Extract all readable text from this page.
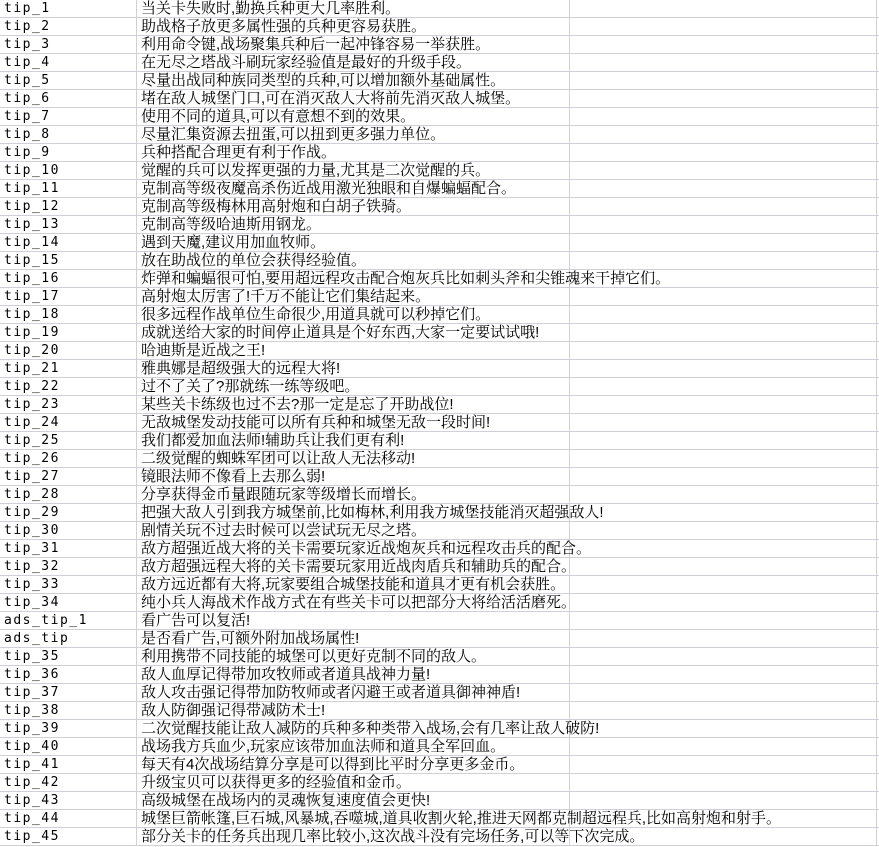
tip_1	当关卡失败时,勤换兵种更大几率胜利。
tip_2	助战格子放更多属性强的兵种更容易获胜。
tip_3	利用命令键,战场聚集兵种后一起冲锋容易一举获胜。
tip_4	在无尽之塔战斗刷玩家经验值是最好的升级手段。
tip_5	尽量出战同种族同类型的兵种,可以增加额外基础属性。
tip_6	堵在敌人城堡门口,可在消灭敌人大将前先消灭敌人城堡。
tip_7	使用不同的道具,可以有意想不到的效果。
tip_8	尽量汇集资源去扭蛋,可以扭到更多强力单位。
tip_9	兵种搭配合理更有利于作战。
tip_10	觉醒的兵可以发挥更强的力量,尤其是二次觉醒的兵。
tip_11	克制高等级夜魔高杀伤近战用激光独眼和自爆蝙蝠配合。
tip_12	克制高等级梅林用高射炮和白胡子铁骑。
tip_13	克制高等级哈迪斯用钢龙。
tip_14	遇到天魔,建议用加血牧师。
tip_15	放在助战位的单位会获得经验值。
tip_16	炸弹和蝙蝠很可怕,要用超远程攻击配合炮灰兵比如刺头斧和尖锥魂来干掉它们。
tip_17	高射炮太厉害了!千万不能让它们集结起来。
tip_18	很多远程作战单位生命很少,用道具就可以秒掉它们。
tip_19	成就送给大家的时间停止道具是个好东西,大家一定要试试哦!
tip_20	哈迪斯是近战之王!
tip_21	雅典娜是超级强大的远程大将!
tip_22	过不了关了?那就练一练等级吧。
tip_23	某些关卡练级也过不去?那一定是忘了开助战位!
tip_24	无敌城堡发动技能可以所有兵种和城堡无敌一段时间!
tip_25	我们都爱加血法师!辅助兵让我们更有利!
tip_26	二级觉醒的蜘蛛军团可以让敌人无法移动!
tip_27	镜眼法师不像看上去那么弱!
tip_28	分享获得金币量跟随玩家等级增长而增长。
tip_29	把强大敌人引到我方城堡前,比如梅林,利用我方城堡技能消灭超强敌人!
tip_30	剧情关玩不过去时候可以尝试玩无尽之塔。
tip_31	敌方超强近战大将的关卡需要玩家近战炮灰兵和远程攻击兵的配合。
tip_32	敌方超强远程大将的关卡需要玩家用近战肉盾兵和辅助兵的配合。
tip_33	敌方远近都有大将,玩家要组合城堡技能和道具才更有机会获胜。
tip_34	纯小兵人海战术作战方式在有些关卡可以把部分大将给活活磨死。
ads_tip_1	看广告可以复活!
ads_tip	是否看广告,可额外附加战场属性!
tip_35	利用携带不同技能的城堡可以更好克制不同的敌人。
tip_36	敌人血厚记得带加攻牧师或者道具战神力量!
tip_37	敌人攻击强记得带加防牧师或者闪避王或者道具御神神盾!
tip_38	敌人防御强记得带减防术士!
tip_39	二次觉醒技能让敌人减防的兵种多种类带入战场,会有几率让敌人破防!
tip_40	战场我方兵血少,玩家应该带加血法师和道具全军回血。
tip_41	每天有4次战场结算分享是可以得到比平时分享更多金币。
tip_42	升级宝贝可以获得更多的经验值和金币。
tip_43	高级城堡在战场内的灵魂恢复速度值会更快!
tip_44	城堡巨箭帐篷,巨石城,风暴城,吞噬城,道具收割火轮,推进天网都克制超远程兵,比如高射炮和射手。
tip_45	部分关卡的任务兵出现几率比较小,这次战斗没有完场任务,可以等下次完成。
